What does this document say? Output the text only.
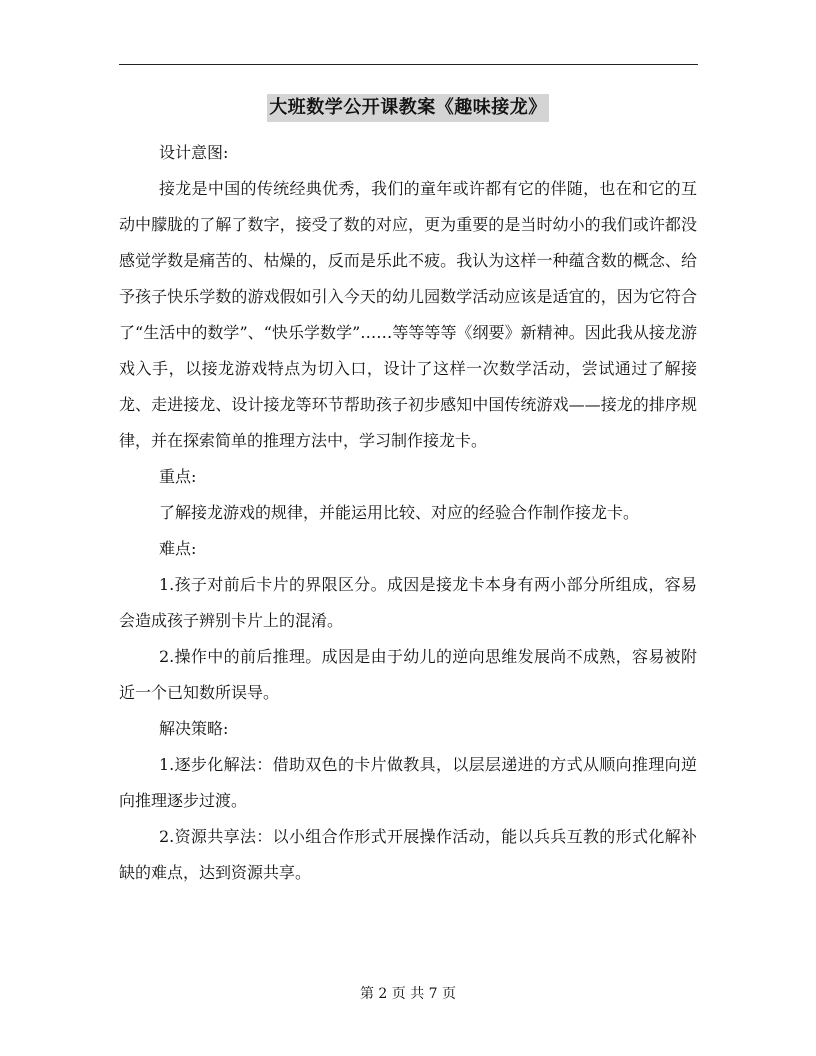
大班数学公开课教案《趣味接龙》

设计意图:

接龙是中国的传统经典优秀，我们的童年或许都有它的伴随，也在和它的互动中朦胧的了解了数字，接受了数的对应，更为重要的是当时幼小的我们或许都没感觉学数是痛苦的、枯燥的，反而是乐此不疲。我认为这样一种蕴含数的概念、给予孩子快乐学数的游戏假如引入今天的幼儿园数学活动应该是适宜的，因为它符合了“生活中的数学”、“快乐学数学”……等等等等《纲要》新精神。因此我从接龙游戏入手，以接龙游戏特点为切入口，设计了这样一次数学活动，尝试通过了解接龙、走进接龙、设计接龙等环节帮助孩子初步感知中国传统游戏——接龙的排序规律，并在探索简单的推理方法中，学习制作接龙卡。

重点:

了解接龙游戏的规律，并能运用比较、对应的经验合作制作接龙卡。

难点:

1.孩子对前后卡片的界限区分。成因是接龙卡本身有两小部分所组成，容易会造成孩子辨别卡片上的混淆。

2.操作中的前后推理。成因是由于幼儿的逆向思维发展尚不成熟，容易被附近一个已知数所误导。

解决策略:

1.逐步化解法：借助双色的卡片做教具，以层层递进的方式从顺向推理向逆向推理逐步过渡。

2.资源共享法：以小组合作形式开展操作活动，能以兵兵互教的形式化解补缺的难点，达到资源共享。

第 2 页 共 7 页
